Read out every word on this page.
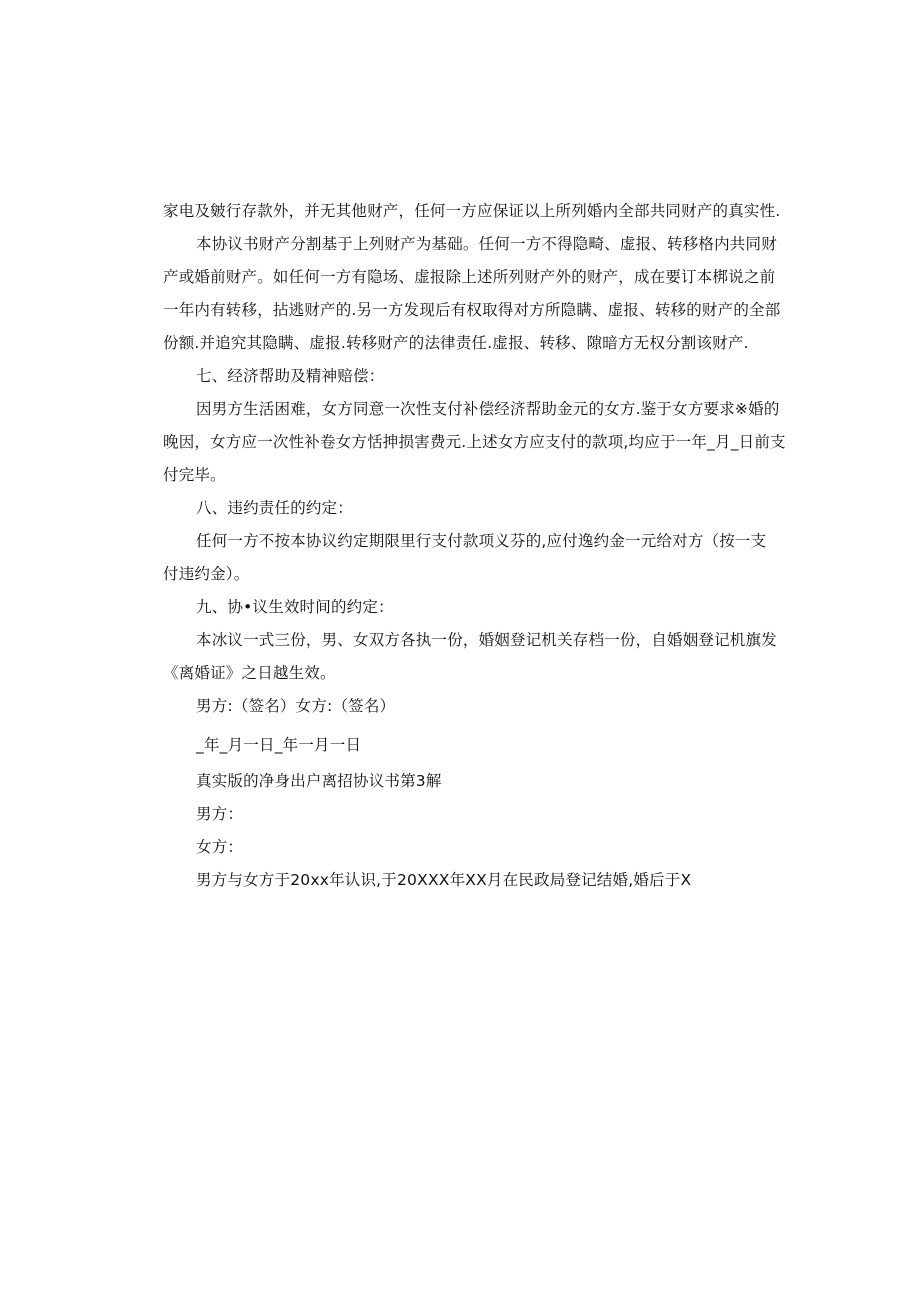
家电及皴行存款外，并无其他财产，任何一方应保证以上所列婚内全部共同财产的真实性.
本协议书财产分割基于上列财产为基础。任何一方不得隐畸、虚报、转移格内共同财
产或婚前财产。如任何一方有隐场、虚报除上述所列财产外的财产，成在要订本梆说之前
一年内有转移，拈逃财产的.另一方发现后有权取得对方所隐瞒、虚报、转移的财产的全部
份额.并追究其隐瞒、虚报.转移财产的法律责任.虚报、转移、隙暗方无权分割该财产.
七、经济帮助及精神赔偿：
因男方生活困难，女方同意一次性支付补偿经济帮助金元的女方.鉴于女方要求※婚的
晚因，女方应一次性补卷女方恬抻损害费元.上述女方应支付的款项,均应于一年_月_日前支
付完毕。
八、违约责任的约定：
任何一方不按本协议约定期限里行支付款项义芬的,应付逸约金一元给对方（按一支
付违约金）。
九、协•议生效时间的约定：
本冰议一式三份，男、女双方各执一份，婚姻登记机关存档一份，自婚姻登记机旗发
《离婚证》之日越生效。
男方:（签名）女方:（签名）
_年_月一日_年一月一日
真实版的净身出户离招协议书第3解
男方：
女方：
男方与女方于20xx年认识,于20XXX年XX月在民政局登记结婚,婚后于X
